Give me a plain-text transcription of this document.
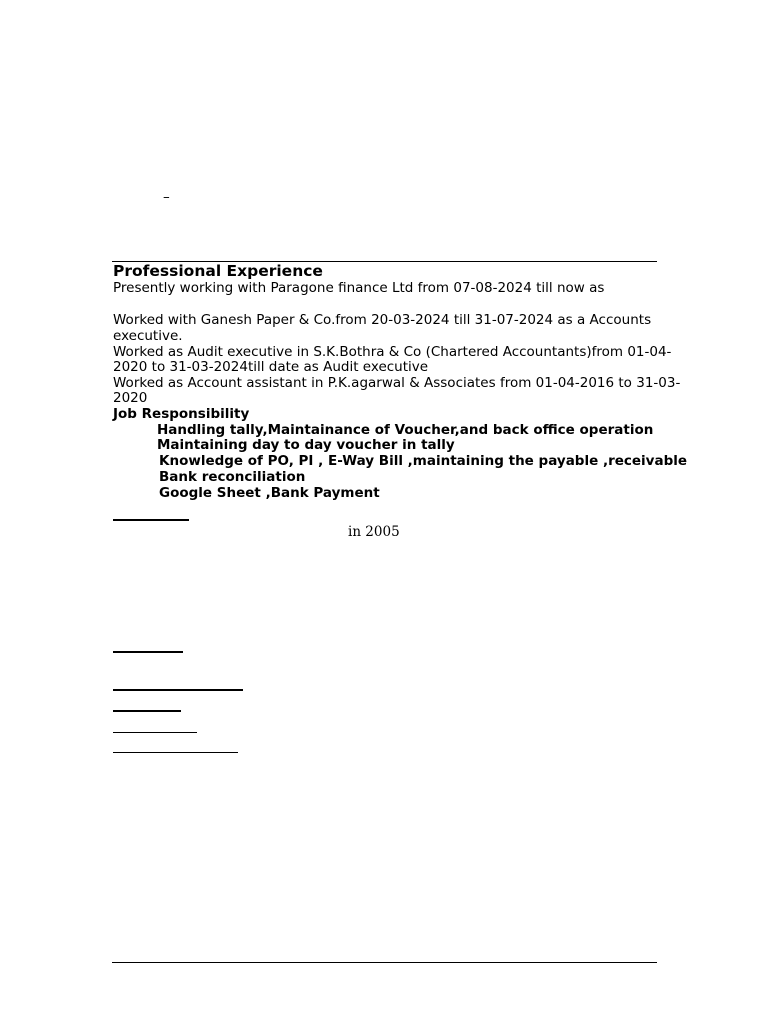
–
Professional Experience
Presently working with Paragone finance Ltd from 07-08-2024 till now as
Worked with Ganesh Paper & Co.from 20-03-2024 till 31-07-2024 as a Accounts
executive.
Worked as Audit executive in S.K.Bothra & Co (Chartered Accountants)from 01-04-
2020 to 31-03-2024till date as Audit executive
Worked as Account assistant in P.K.agarwal & Associates from 01-04-2016 to 31-03-
2020
Job Responsibility
Handling tally,Maintainance of Voucher,and back office operation
Maintaining day to day voucher in tally
Knowledge of PO, PI , E-Way Bill ,maintaining the payable ,receivable
Bank reconciliation
Google Sheet ,Bank Payment
in 2005
